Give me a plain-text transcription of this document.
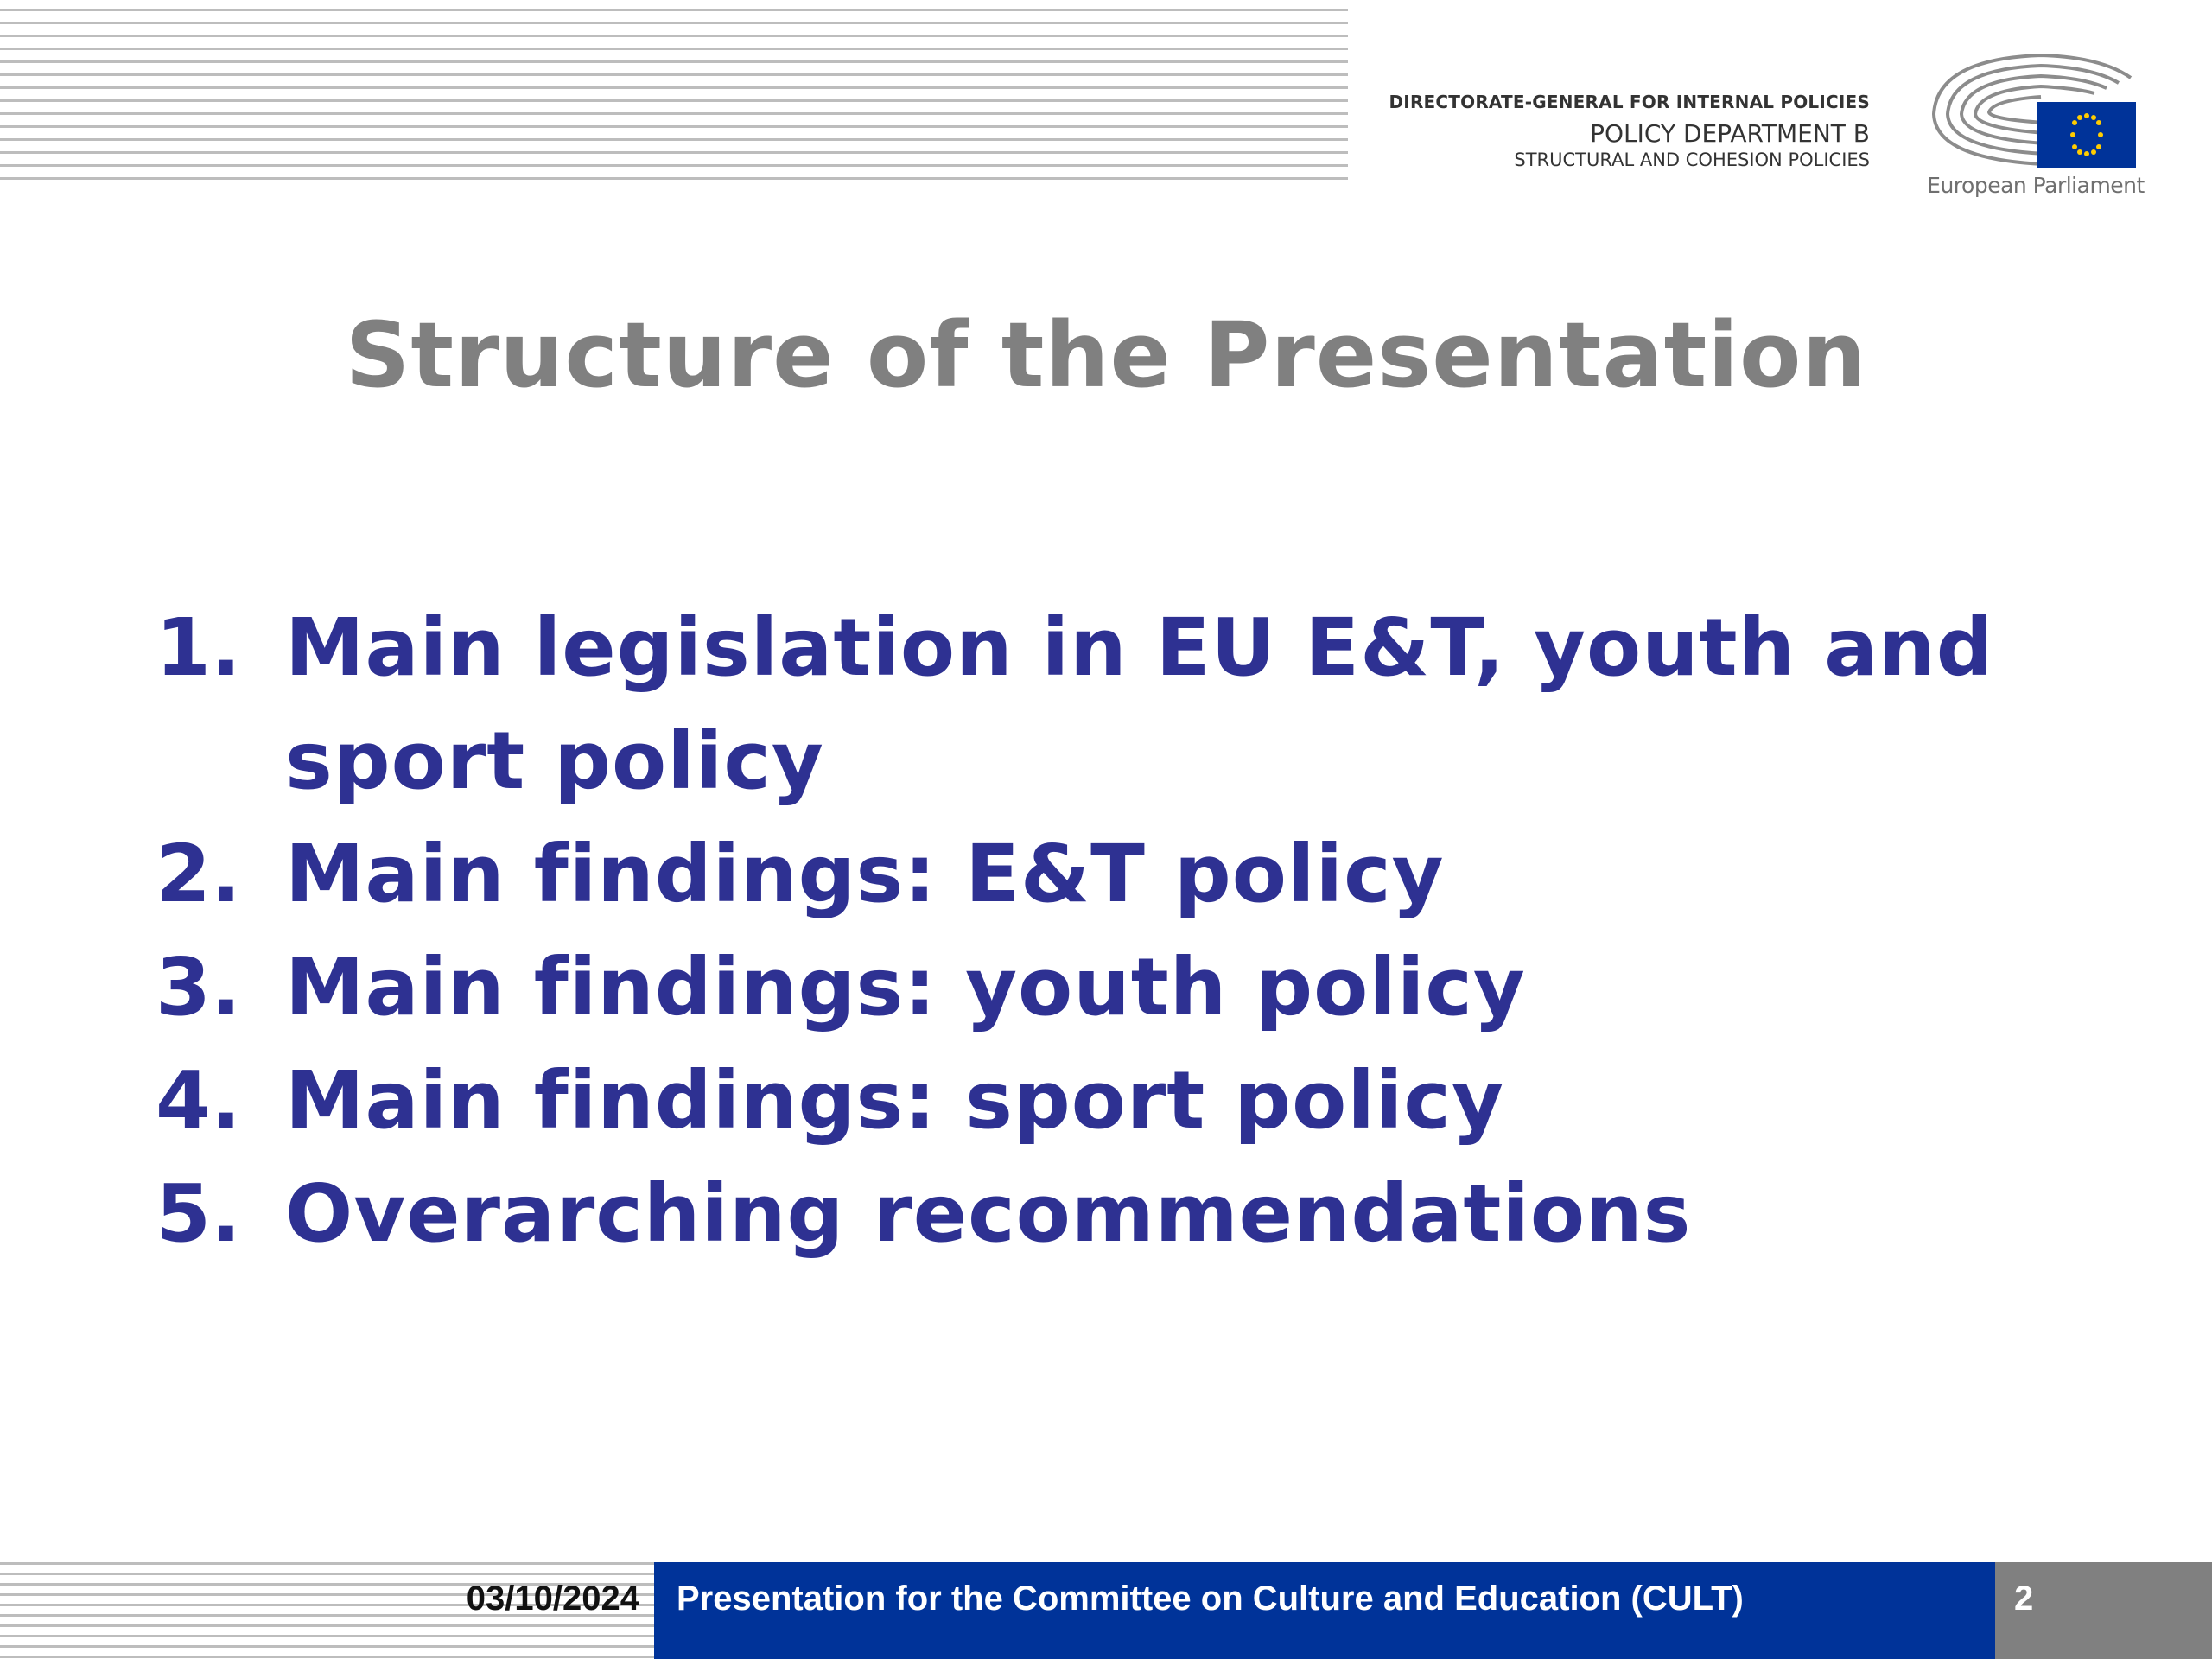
DIRECTORATE-GENERAL FOR INTERNAL POLICIES
POLICY DEPARTMENT B
STRUCTURAL AND COHESION POLICIES
European Parliament
Structure of the Presentation
1. Main legislation in EU E&T, youth and sport policy
2. Main findings: E&T policy
3. Main findings: youth policy
4. Main findings: sport policy
5. Overarching recommendations
03/10/2024 Presentation for the Committee on Culture and Education (CULT)	2
